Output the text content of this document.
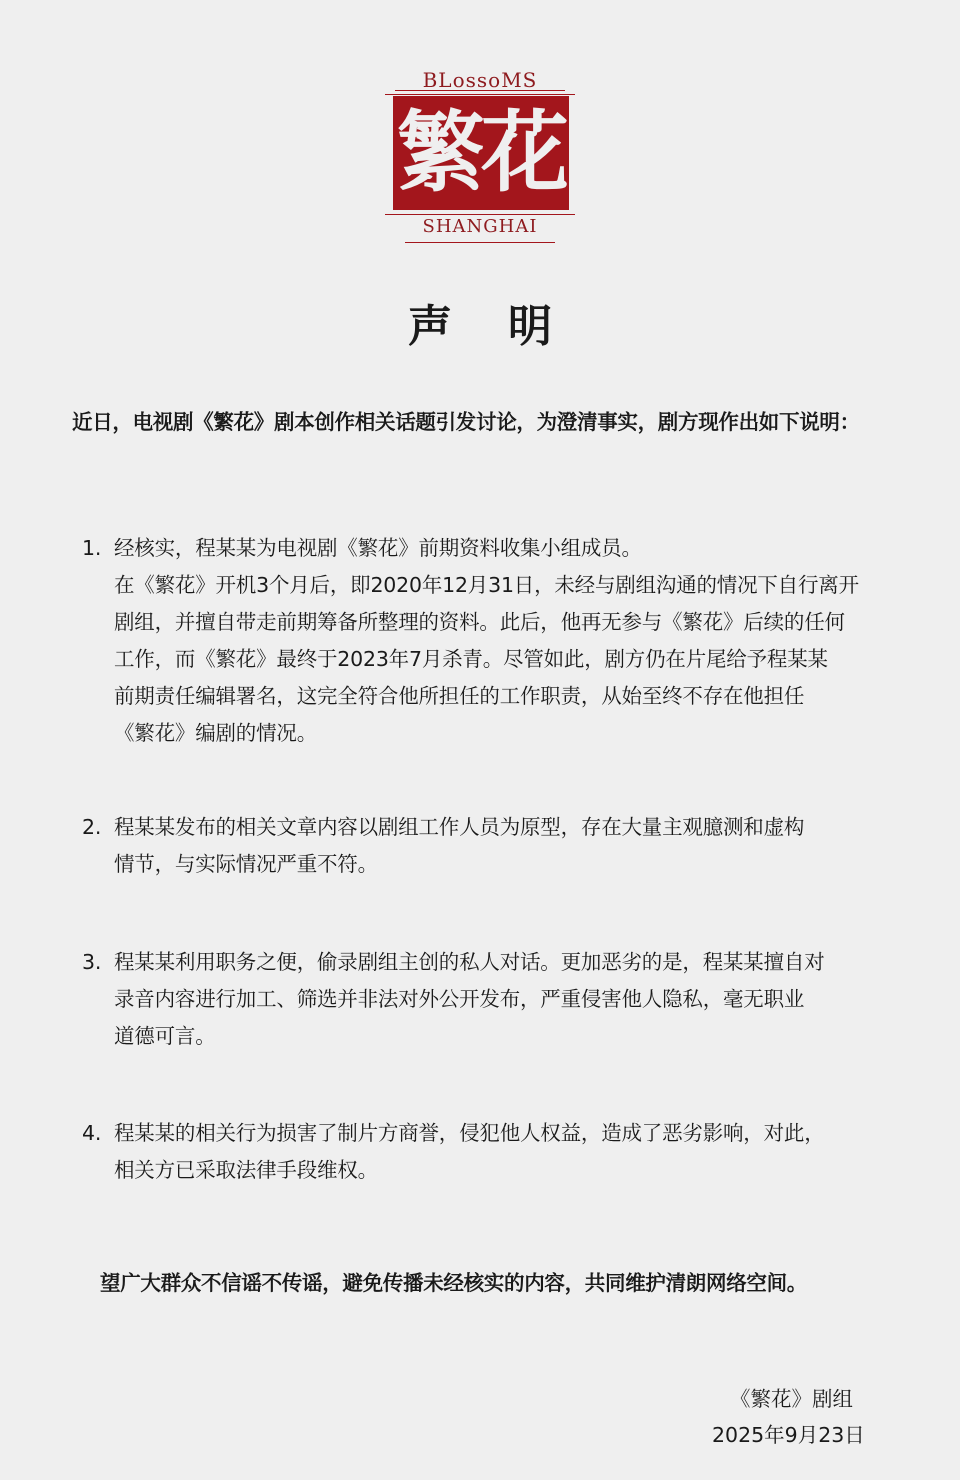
BLossoMS
繁花
SHANGHAI
声明
近日，电视剧《繁花》剧本创作相关话题引发讨论，为澄清事实，剧方现作出如下说明：
1. 经核实，程某某为电视剧《繁花》前期资料收集小组成员。
在《繁花》开机3个月后，即2020年12月31日，未经与剧组沟通的情况下自行离开
剧组，并擅自带走前期筹备所整理的资料。此后，他再无参与《繁花》后续的任何
工作，而《繁花》最终于2023年7月杀青。尽管如此，剧方仍在片尾给予程某某
前期责任编辑署名，这完全符合他所担任的工作职责，从始至终不存在他担任
《繁花》编剧的情况。
2. 程某某发布的相关文章内容以剧组工作人员为原型，存在大量主观臆测和虚构
情节，与实际情况严重不符。
3. 程某某利用职务之便，偷录剧组主创的私人对话。更加恶劣的是，程某某擅自对
录音内容进行加工、筛选并非法对外公开发布，严重侵害他人隐私，毫无职业
道德可言。
4. 程某某的相关行为损害了制片方商誉，侵犯他人权益，造成了恶劣影响，对此，
相关方已采取法律手段维权。
望广大群众不信谣不传谣，避免传播未经核实的内容，共同维护清朗网络空间。
《繁花》剧组
2025年9月23日
